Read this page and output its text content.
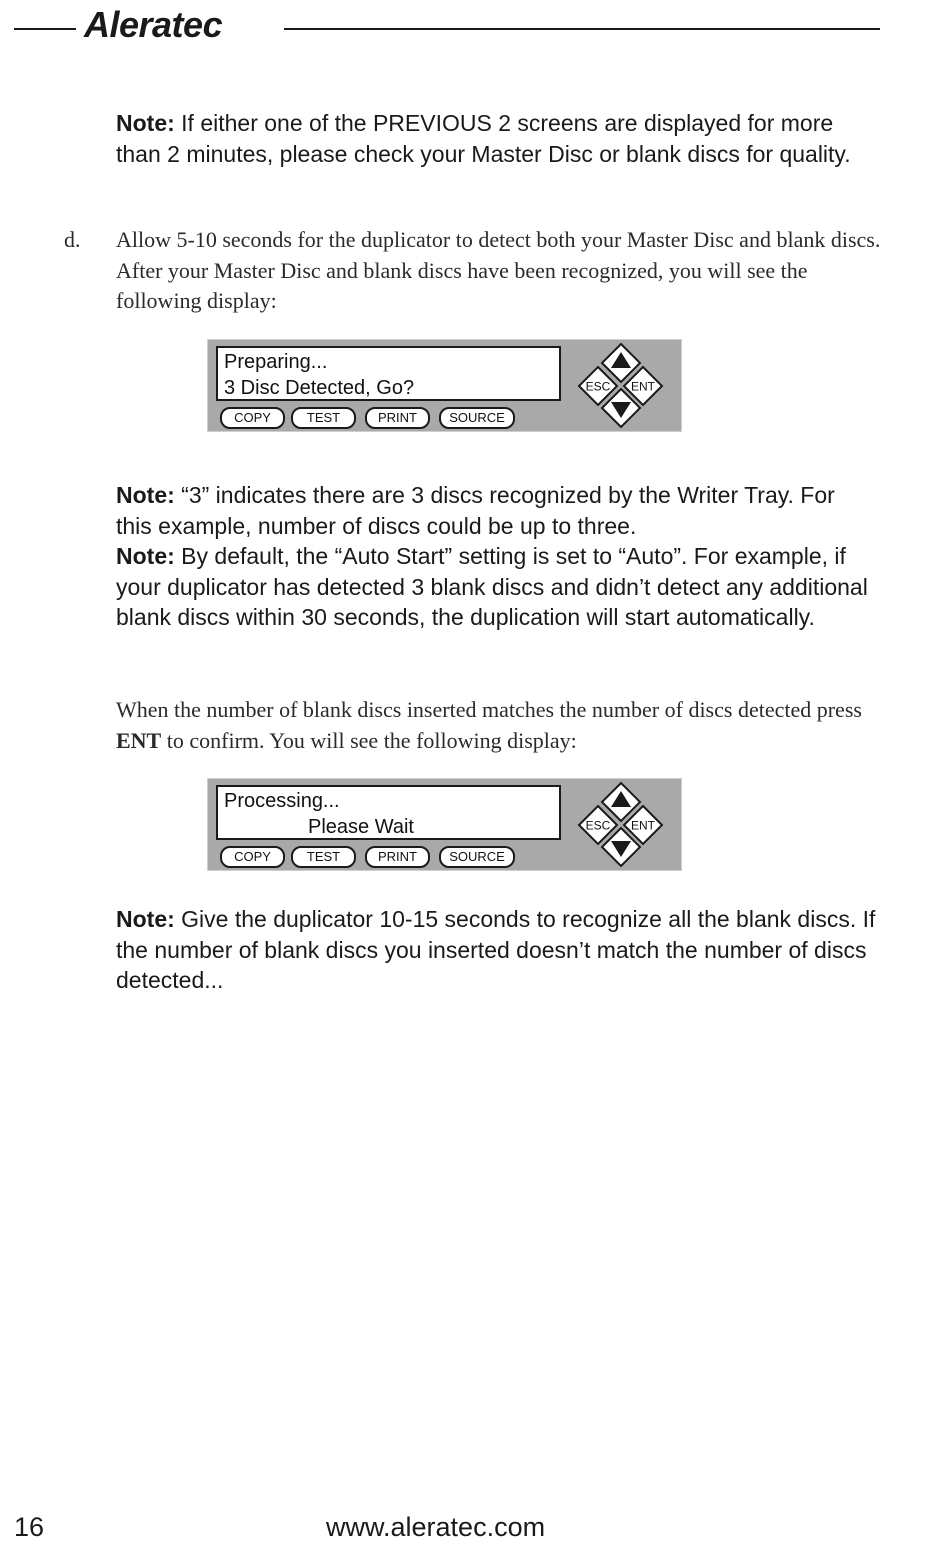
Aleratec
Note: If either one of the PREVIOUS 2 screens are displayed for more than 2 minutes, please check your Master Disc or blank discs for quality.
d. Allow 5-10 seconds for the duplicator to detect both your Master Disc and blank discs. After your Master Disc and blank discs have been recognized, you will see the following display:
Preparing...
3 Disc Detected, Go?
COPY	TEST	PRINT	SOURCE
ESC ENT
Note: “3” indicates there are 3 discs recognized by the Writer Tray. For this example, number of discs could be up to three.
Note: By default, the “Auto Start” setting is set to “Auto”. For example, if your duplicator has detected 3 blank discs and didn’t detect any additional blank discs within 30 seconds, the duplication will start automatically.
When the number of blank discs inserted matches the number of discs detected press ENT to confirm. You will see the following display:
Processing...
Please Wait
COPY	TEST	PRINT	SOURCE
ESC ENT
Note: Give the duplicator 10-15 seconds to recognize all the blank discs. If the number of blank discs you inserted doesn’t match the number of discs detected...
16	www.aleratec.com
